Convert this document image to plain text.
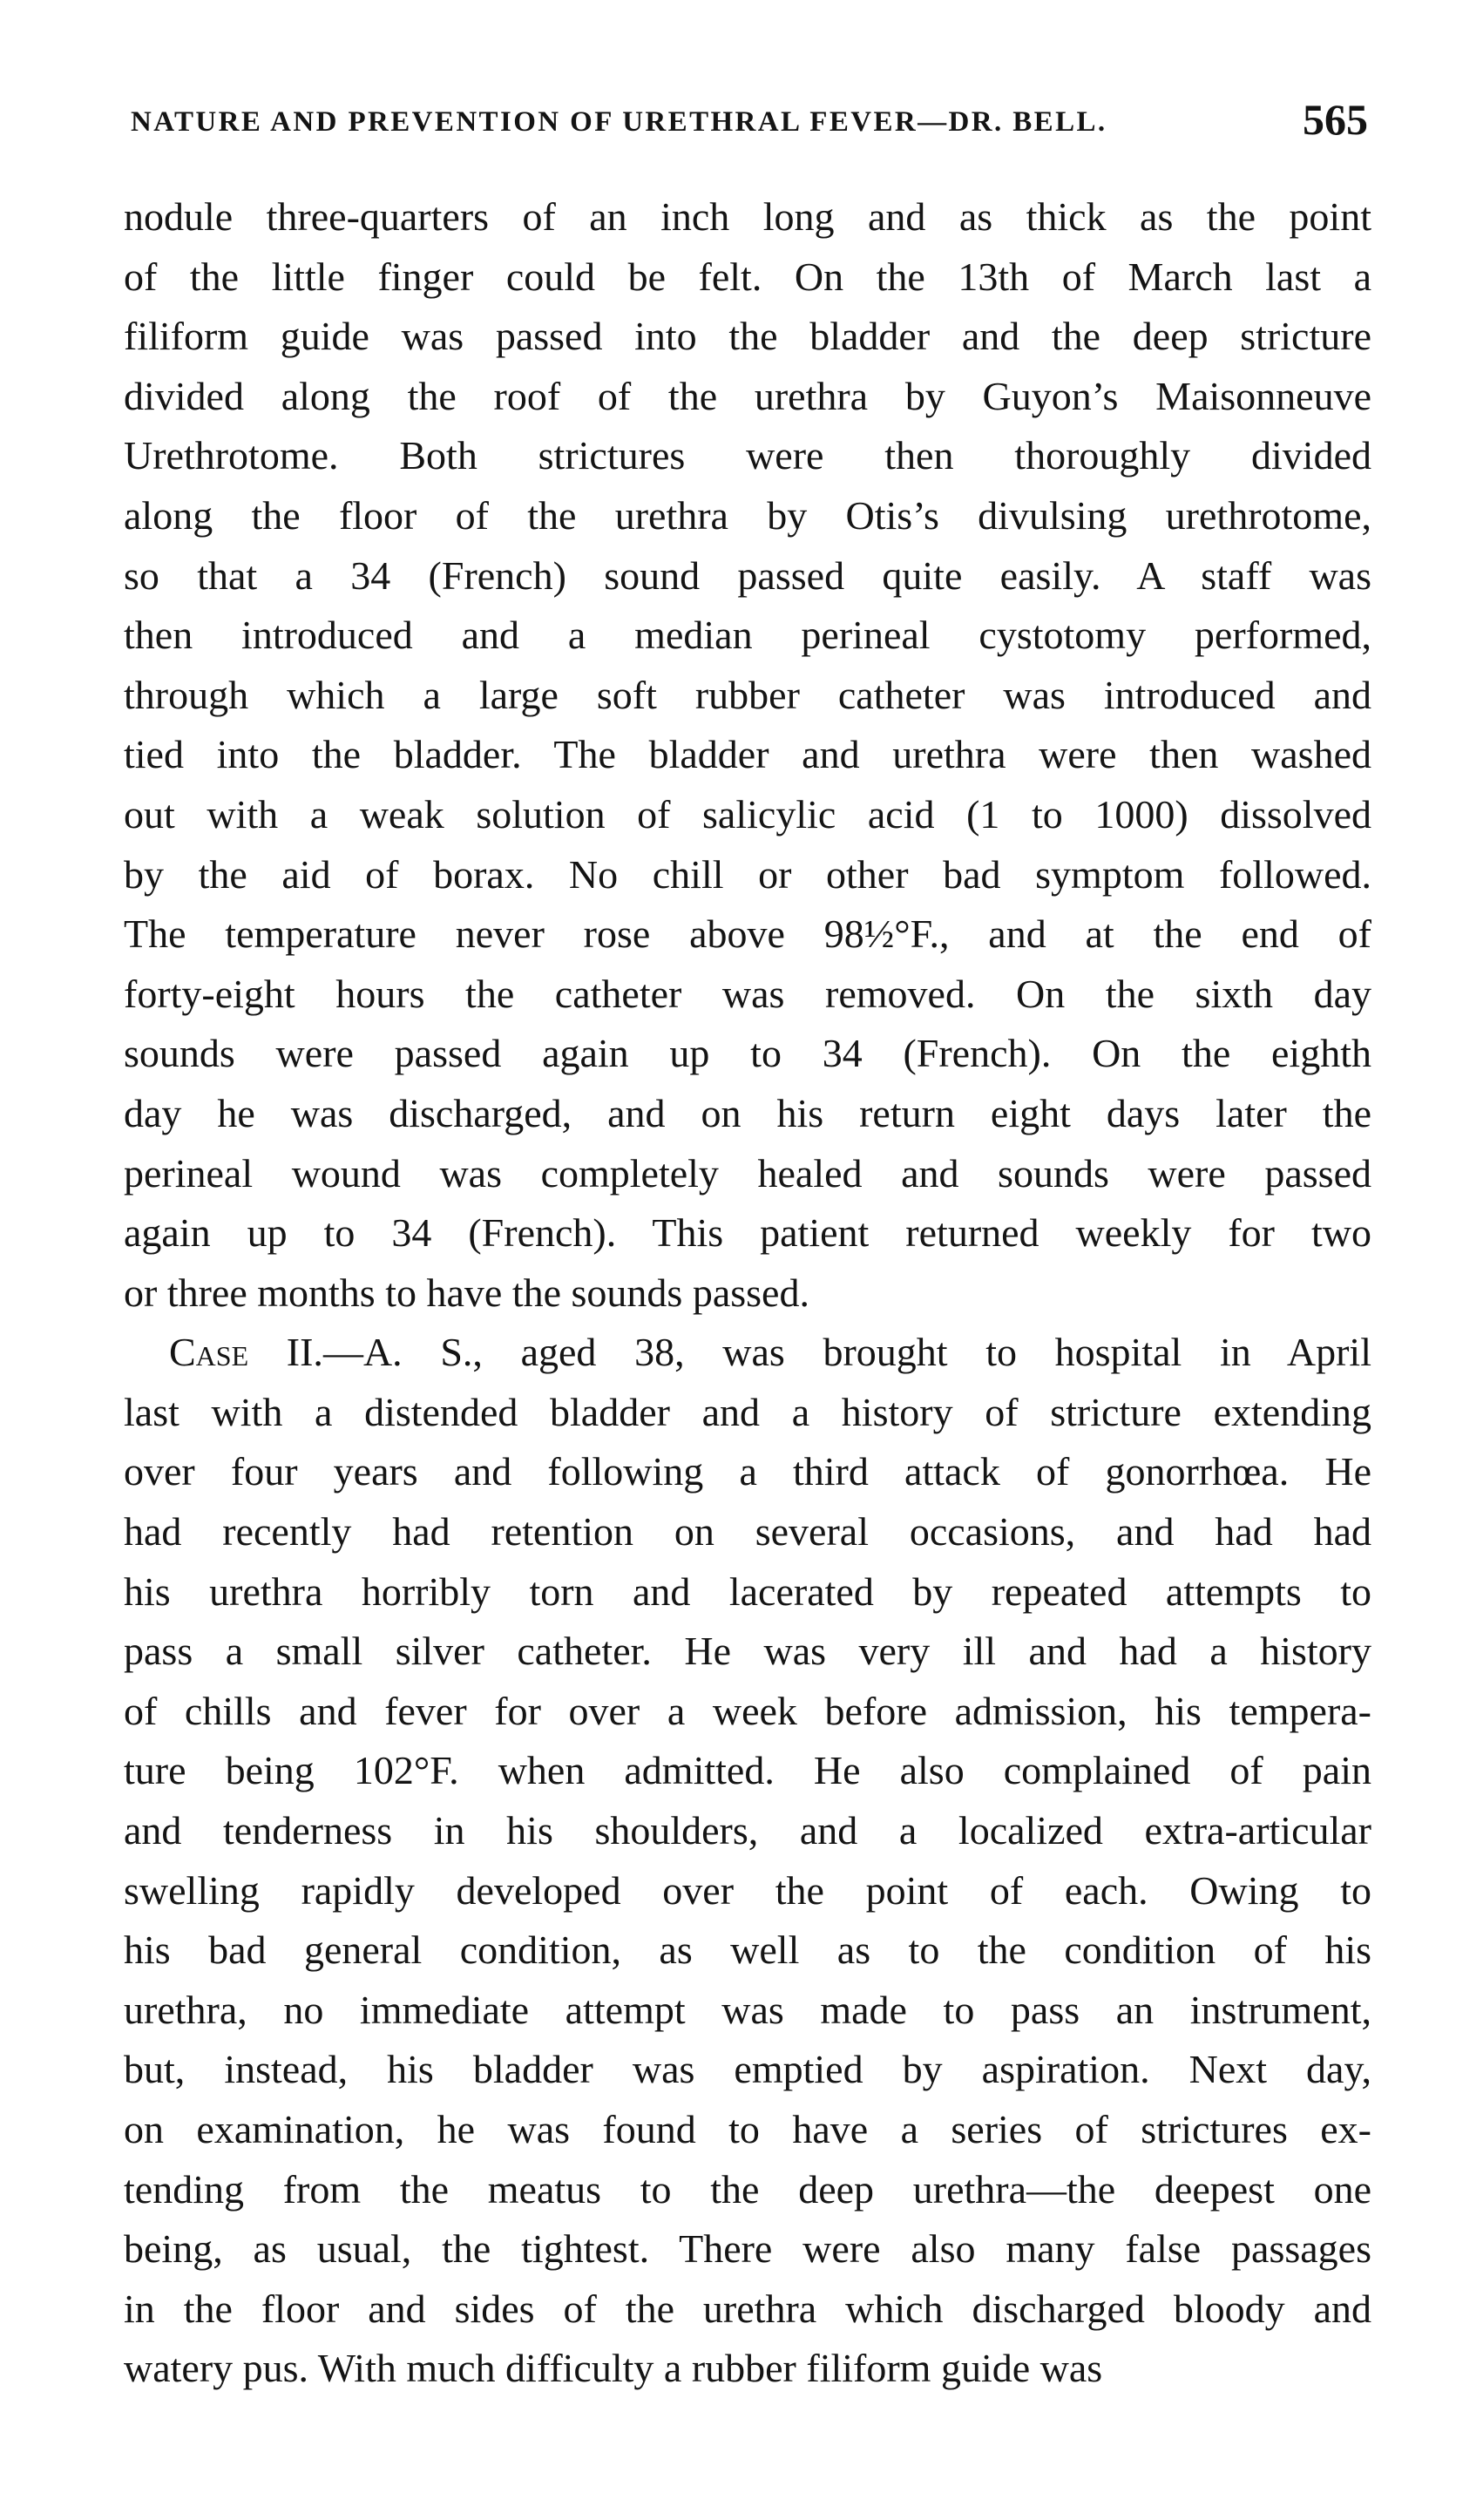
NATURE AND PREVENTION OF URETHRAL FEVER—DR. BELL.	565
nodule three-quarters of an inch long and as thick as the point
of the little finger could be felt. On the 13th of March last a
filiform guide was passed into the bladder and the deep stricture
divided along the roof of the urethra by Guyon’s Maisonneuve
Urethrotome. Both strictures were then thoroughly divided
along the floor of the urethra by Otis’s divulsing urethrotome,
so that a 34 (French) sound passed quite easily. A staff was
then introduced and a median perineal cystotomy performed,
through which a large soft rubber catheter was introduced and
tied into the bladder. The bladder and urethra were then washed
out with a weak solution of salicylic acid (1 to 1000) dissolved
by the aid of borax. No chill or other bad symptom followed.
The temperature never rose above 98½°F., and at the end of
forty-eight hours the catheter was removed. On the sixth day
sounds were passed again up to 34 (French). On the eighth
day he was discharged, and on his return eight days later the
perineal wound was completely healed and sounds were passed
again up to 34 (French). This patient returned weekly for two
or three months to have the sounds passed.
Case II.—A. S., aged 38, was brought to hospital in April
last with a distended bladder and a history of stricture extending
over four years and following a third attack of gonorrhœa. He
had recently had retention on several occasions, and had had
his urethra horribly torn and lacerated by repeated attempts to
pass a small silver catheter. He was very ill and had a history
of chills and fever for over a week before admission, his tempera-
ture being 102°F. when admitted. He also complained of pain
and tenderness in his shoulders, and a localized extra-articular
swelling rapidly developed over the point of each. Owing to
his bad general condition, as well as to the condition of his
urethra, no immediate attempt was made to pass an instrument,
but, instead, his bladder was emptied by aspiration. Next day,
on examination, he was found to have a series of strictures ex-
tending from the meatus to the deep urethra—the deepest one
being, as usual, the tightest. There were also many false passages
in the floor and sides of the urethra which discharged bloody and
watery pus. With much difficulty a rubber filiform guide was
